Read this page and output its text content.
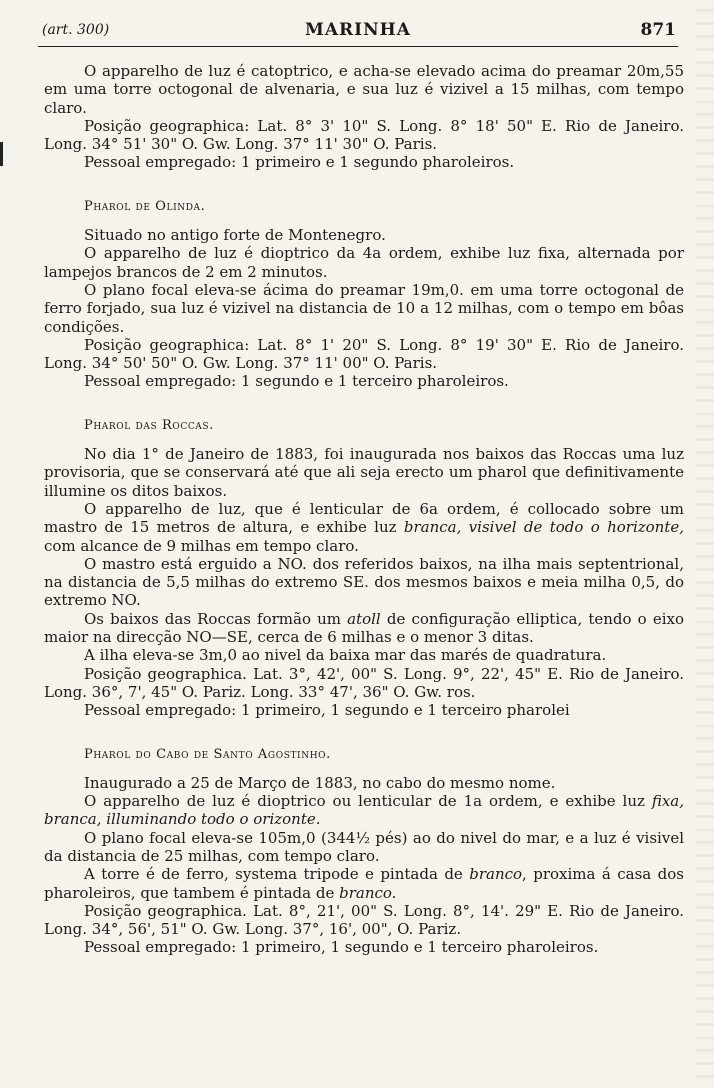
(art. 300)	MARINHA	871

O apparelho de luz é catoptrico, e acha-se elevado acima do preamar 20m,55 em uma torre octogonal de alvenaria, e sua luz é vizivel a 15 milhas, com tempo claro.

Posição geographica: Lat. 8° 3' 10" S. Long. 8° 18' 50" E. Rio de Janeiro. Long. 34° 51' 30" O. Gw. Long. 37° 11' 30" O. Paris.

Pessoal empregado: 1 primeiro e 1 segundo pharoleiros.

Pharol de Olinda.

Situado no antigo forte de Montenegro.

O apparelho de luz é dioptrico da 4a ordem, exhibe luz fixa, alternada por lampejos brancos de 2 em 2 minutos.

O plano focal eleva-se ácima do preamar 19m,0. em uma torre octogonal de ferro forjado, sua luz é vizivel na distancia de 10 a 12 milhas, com o tempo em bôas condições.

Posição geographica: Lat. 8° 1' 20" S. Long. 8° 19' 30" E. Rio de Janeiro. Long. 34° 50' 50" O. Gw. Long. 37° 11' 00" O. Paris.

Pessoal empregado: 1 segundo e 1 terceiro pharoleiros.

Pharol das Roccas.

No dia 1° de Janeiro de 1883, foi inaugurada nos baixos das Roccas uma luz provisoria, que se conservará até que ali seja erecto um pharol que definitivamente illumine os ditos baixos.

O apparelho de luz, que é lenticular de 6a ordem, é collocado sobre um mastro de 15 metros de altura, e exhibe luz branca, visivel de todo o horizonte, com alcance de 9 milhas em tempo claro.

O mastro está erguido a NO. dos referidos baixos, na ilha mais septentrional, na distancia de 5,5 milhas do extremo SE. dos mesmos baixos e meia milha 0,5, do extremo NO.

Os baixos das Roccas formão um atoll de configuração elliptica, tendo o eixo maior na direcção NO—SE, cerca de 6 milhas e o menor 3 ditas.

A ilha eleva-se 3m,0 ao nivel da baixa mar das marés de quadratura.

Posição geographica. Lat. 3°, 42', 00" S. Long. 9°, 22', 45" E. Rio de Janeiro. Long. 36°, 7', 45" O. Pariz. Long. 33° 47', 36" O. Gw. ros.

Pessoal empregado: 1 primeiro, 1 segundo e 1 terceiro pharolei

Pharol do Cabo de Santo Agostinho.

Inaugurado a 25 de Março de 1883, no cabo do mesmo nome.

O apparelho de luz é dioptrico ou lenticular de 1a ordem, e exhibe luz fixa, branca, illuminando todo o orizonte.

O plano focal eleva-se 105m,0 (344½ pés) ao do nivel do mar, e a luz é visivel da distancia de 25 milhas, com tempo claro.

A torre é de ferro, systema tripode e pintada de branco, proxima á casa dos pharoleiros, que tambem é pintada de branco.

Posição geographica. Lat. 8°, 21', 00" S. Long. 8°, 14'. 29" E. Rio de Janeiro. Long. 34°, 56', 51" O. Gw. Long. 37°, 16', 00", O. Pariz.

Pessoal empregado: 1 primeiro, 1 segundo e 1 terceiro pharoleiros.
